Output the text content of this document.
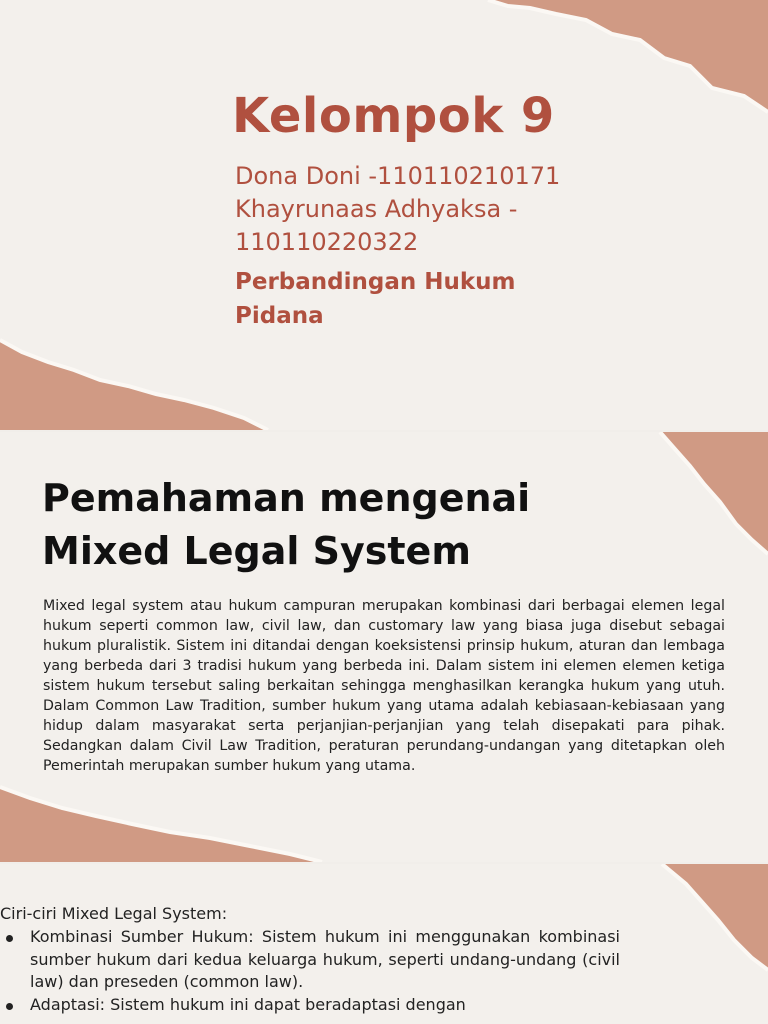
Kelompok 9

Dona Doni -110110210171

Khayrunaas Adhyaksa - 110110220322

Perbandingan Hukum Pidana

Pemahaman mengenai Mixed Legal System

Mixed legal system atau hukum campuran merupakan kombinasi dari berbagai elemen legal hukum seperti common law, civil law, dan customary law yang biasa juga disebut sebagai hukum pluralistik. Sistem ini ditandai dengan koeksistensi prinsip hukum, aturan dan lembaga yang berbeda dari 3 tradisi hukum yang berbeda ini. Dalam sistem ini elemen elemen ketiga sistem hukum tersebut saling berkaitan sehingga menghasilkan kerangka hukum yang utuh. Dalam Common Law Tradition, sumber hukum yang utama adalah kebiasaan-kebiasaan yang hidup dalam masyarakat serta perjanjian-perjanjian yang telah disepakati para pihak. Sedangkan dalam Civil Law Tradition, peraturan perundang-undangan yang ditetapkan oleh Pemerintah merupakan sumber hukum yang utama.

Ciri-ciri Mixed Legal System:

Kombinasi Sumber Hukum: Sistem hukum ini menggunakan kombinasi sumber hukum dari kedua keluarga hukum, seperti undang-undang (civil law) dan preseden (common law).
Adaptasi: Sistem hukum ini dapat beradaptasi dengan
